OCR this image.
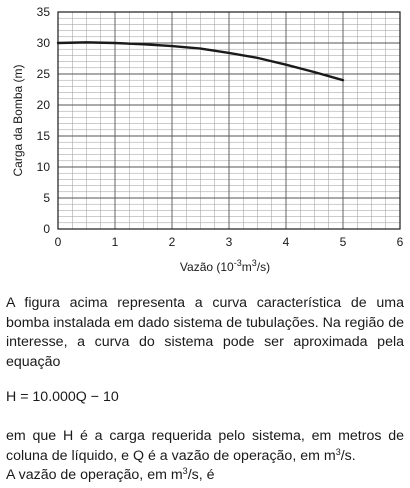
0
5
10
15
20
25
30
35
0	1	2	3	4	5	6
Carga da Bomba (m)
Vazão $(10^{-3}m^3/s)$

A figura acima representa a curva característica de uma bomba instalada em dado sistema de tubulações. Na região de interesse, a curva do sistema pode ser aproximada pela equação

H = 10.000Q − 10

em que H é a carga requerida pelo sistema, em metros de coluna de líquido, e Q é a vazão de operação, em $m^3/s$.

A vazão de operação, em $m^3/s$, é
